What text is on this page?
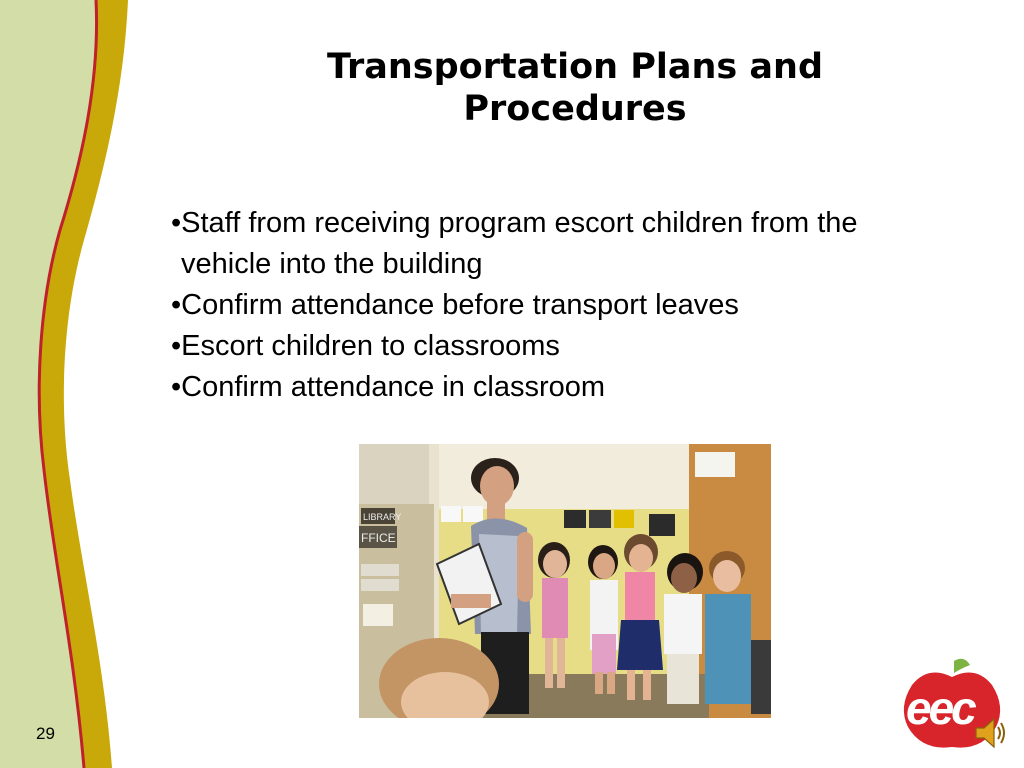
Transportation Plans and
Procedures
•Staff from receiving program escort children from the
vehicle into the building
•Confirm attendance before transport leaves
•Escort children to classrooms
•Confirm attendance in classroom
LIBRARY
FFICE
29	eec
